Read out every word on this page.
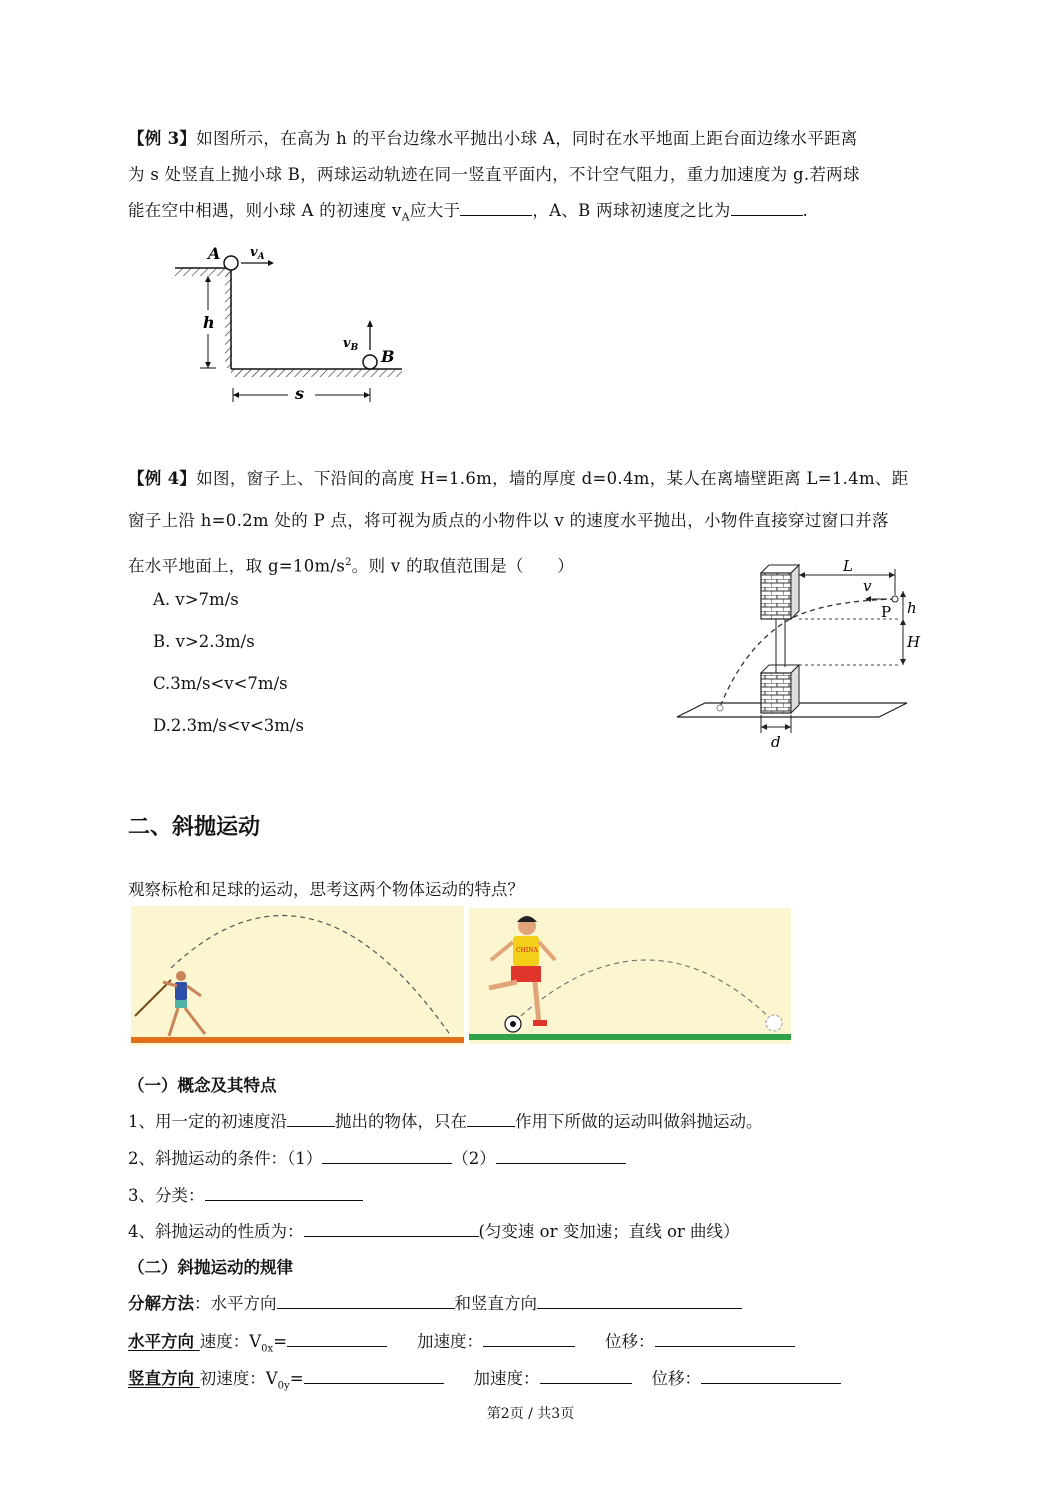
【例 3】如图所示，在高为 h 的平台边缘水平抛出小球 A，同时在水平地面上距台面边缘水平距离
为 s 处竖直上抛小球 B，两球运动轨迹在同一竖直平面内，不计空气阻力，重力加速度为 g.若两球
能在空中相遇，则小球 A 的初速度 $v_A$应大于	，A、B 两球初速度之比为	.
A $v_A$
h
B
$v_B$
s
【例 4】如图，窗子上、下沿间的高度 H=1.6m，墙的厚度 d=0.4m，某人在离墙壁距离 L=1.4m、距
窗子上沿 h=0.2m 处的 P 点，将可视为质点的小物件以 v 的速度水平抛出，小物件直接穿过窗口并落
在水平地面上，取 $g=10m/s^2$。则 v 的取值范围是（　　）
A. v>7m/s
B. v>2.3m/s
C.3m/s<v<7m/s
D.2.3m/s<v<3m/s
L
v
P h
H
d
二、斜抛运动
观察标枪和足球的运动，思考这两个物体运动的特点？
CHINA
（一）概念及其特点
1、用一定的初速度沿	抛出的物体，只在	作用下所做的运动叫做斜抛运动。
2、斜抛运动的条件：（1）	（2）
3、分类：
4、斜抛运动的性质为：	(匀变速 or 变加速；直线 or 曲线）
（二）斜抛运动的规律
分解方法：水平方向	和竖直方向
水平方向 速度：$V_{0x}=$	加速度：	位移：
竖直方向 初速度：$V_{0y}=$	加速度：	位移：
第2页 / 共3页
